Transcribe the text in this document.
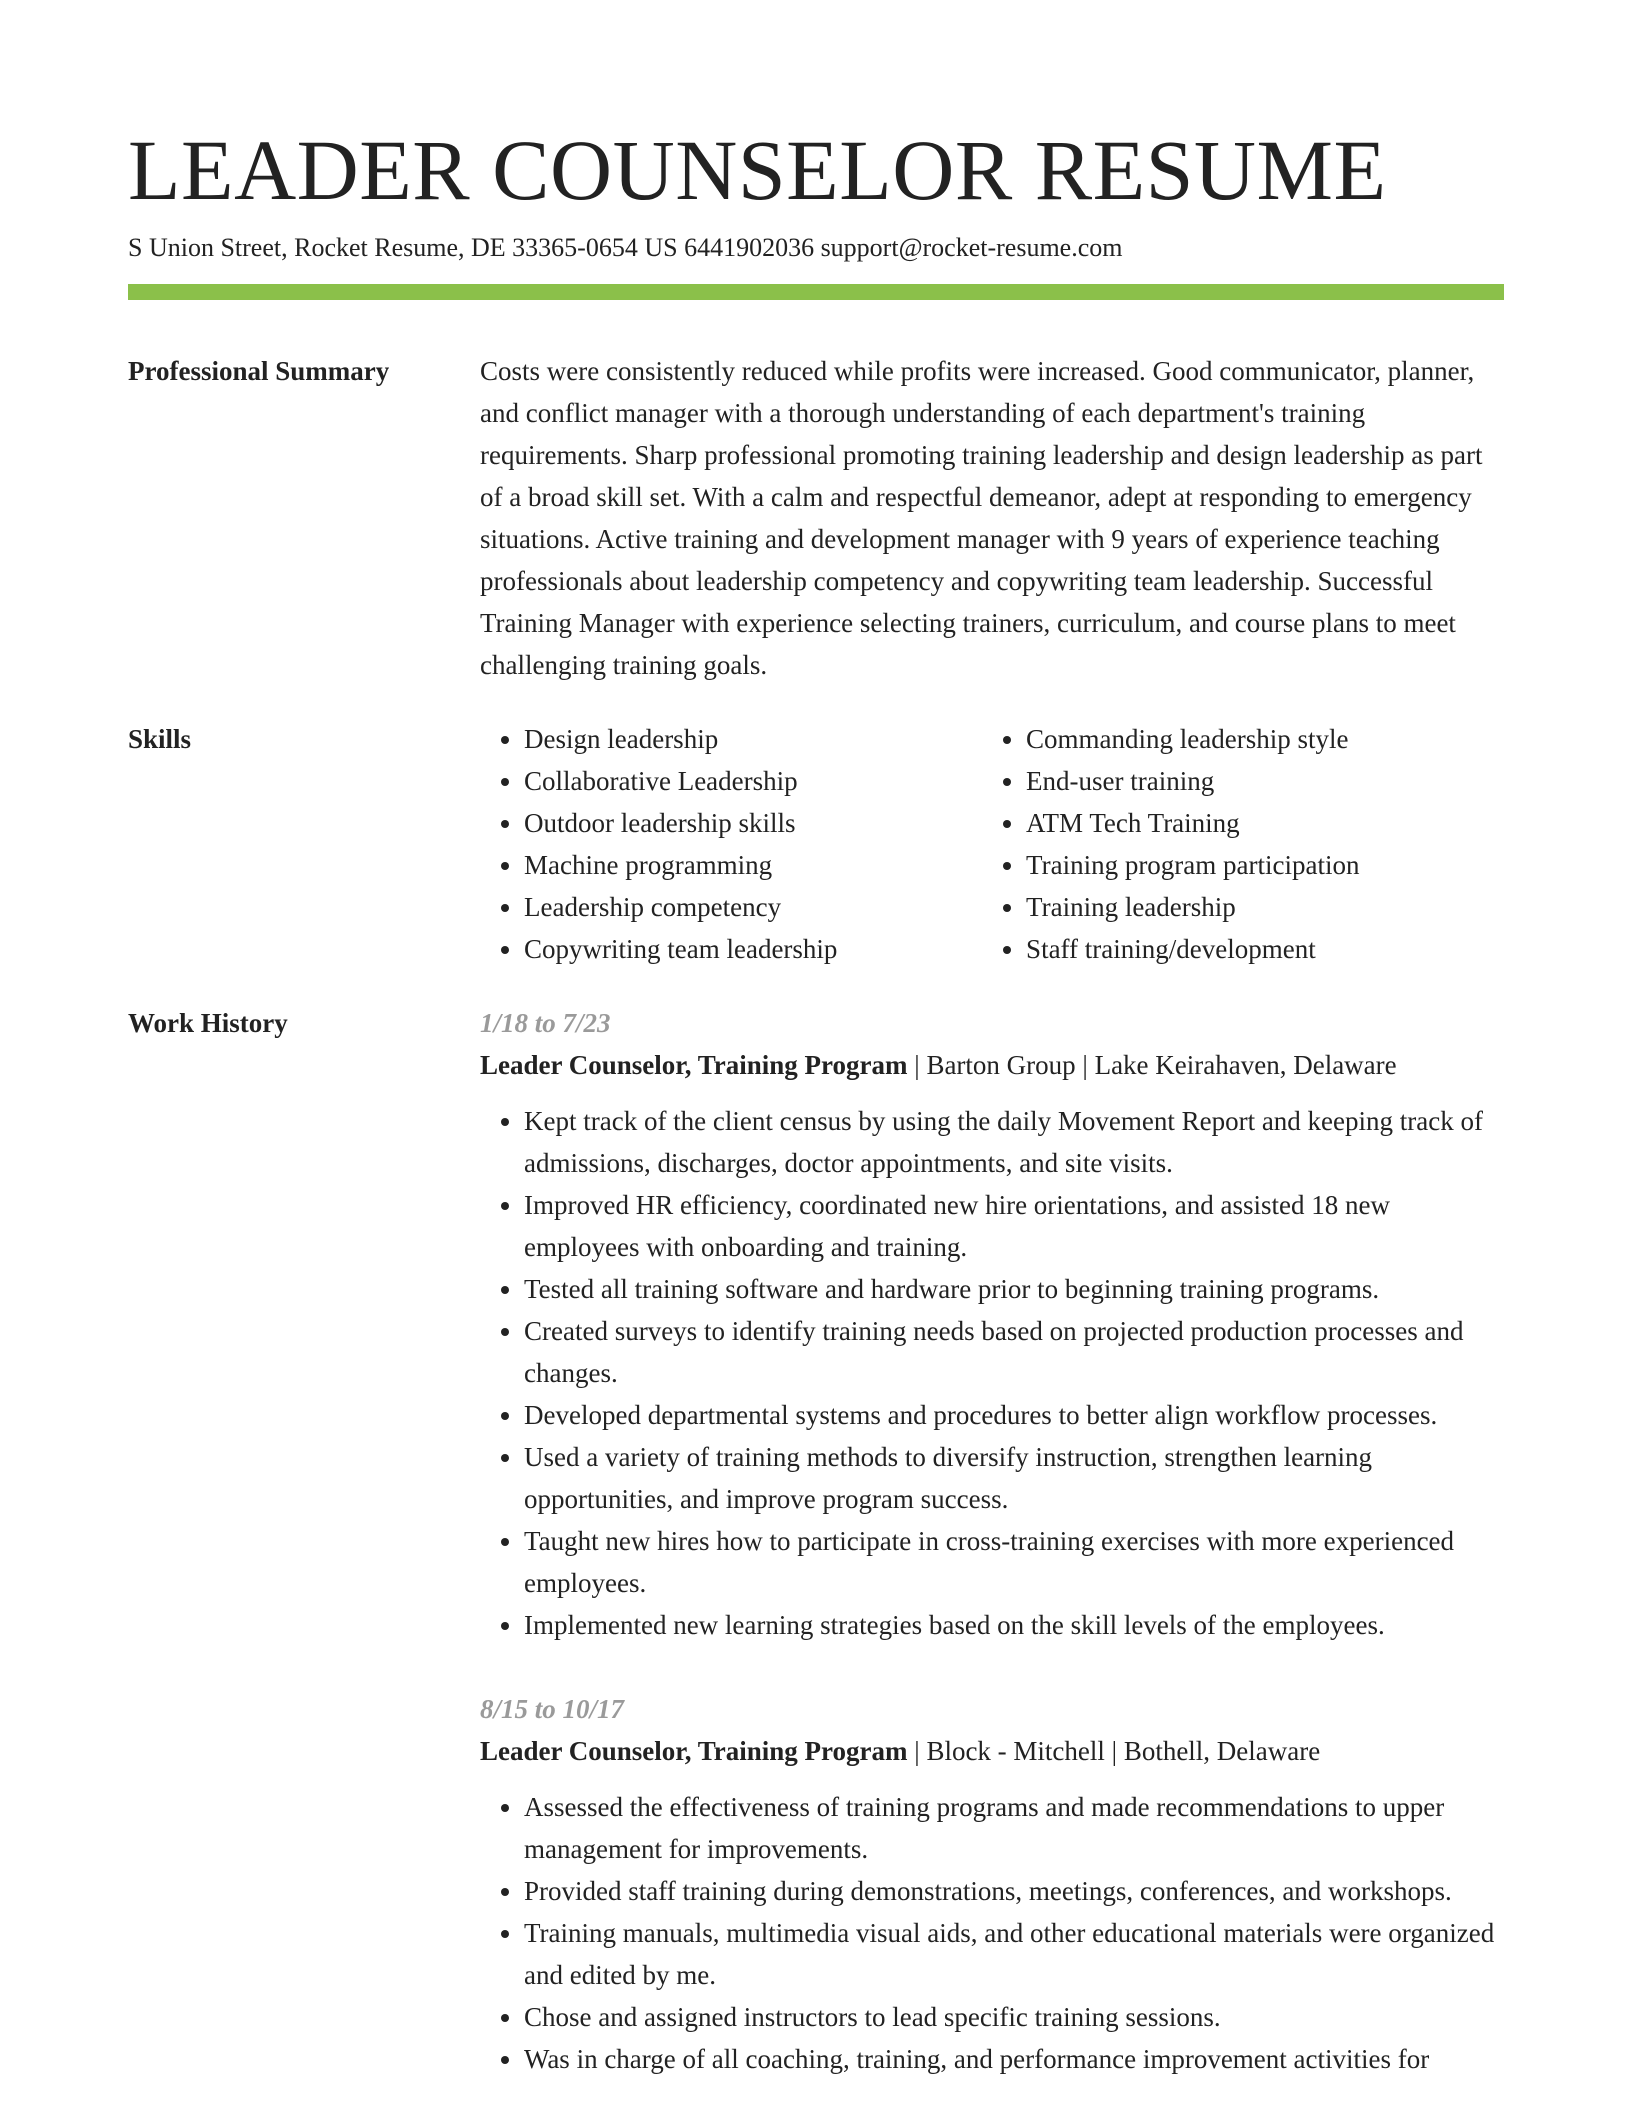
LEADER COUNSELOR RESUME
S Union Street, Rocket Resume, DE 33365-0654 US 6441902036 support@rocket-resume.com
Professional Summary	Costs were consistently reduced while profits were increased. Good communicator, planner, and conflict manager with a thorough understanding of each department's training requirements. Sharp professional promoting training leadership and design leadership as part of a broad skill set. With a calm and respectful demeanor, adept at responding to emergency situations. Active training and development manager with 9 years of experience teaching professionals about leadership competency and copywriting team leadership. Successful Training Manager with experience selecting trainers, curriculum, and course plans to meet challenging training goals.

Skills
•	Design leadership
• Collaborative Leadership
• Outdoor leadership skills
• Machine programming
• Leadership competency
• Copywriting team leadership
• Commanding leadership style
• End-user training
• ATM Tech Training
• Training program participation
• Training leadership
• Staff training/development
Work History	1/18 to 7/23
Leader Counselor, Training Program | Barton Group | Lake Keirahaven, Delaware
• Kept track of the client census by using the daily Movement Report and keeping track of admissions, discharges, doctor appointments, and site visits.
• Improved HR efficiency, coordinated new hire orientations, and assisted 18 new employees with onboarding and training.
• Tested all training software and hardware prior to beginning training programs.
• Created surveys to identify training needs based on projected production processes and changes.
• Developed departmental systems and procedures to better align workflow processes.
• Used a variety of training methods to diversify instruction, strengthen learning opportunities, and improve program success.
• Taught new hires how to participate in cross-training exercises with more experienced employees.
• Implemented new learning strategies based on the skill levels of the employees.
8/15 to 10/17
Leader Counselor, Training Program | Block - Mitchell | Bothell, Delaware
• Assessed the effectiveness of training programs and made recommendations to upper management for improvements.
• Provided staff training during demonstrations, meetings, conferences, and workshops.
• Training manuals, multimedia visual aids, and other educational materials were organized and edited by me.
• Chose and assigned instructors to lead specific training sessions.
• Was in charge of all coaching, training, and performance improvement activities for
